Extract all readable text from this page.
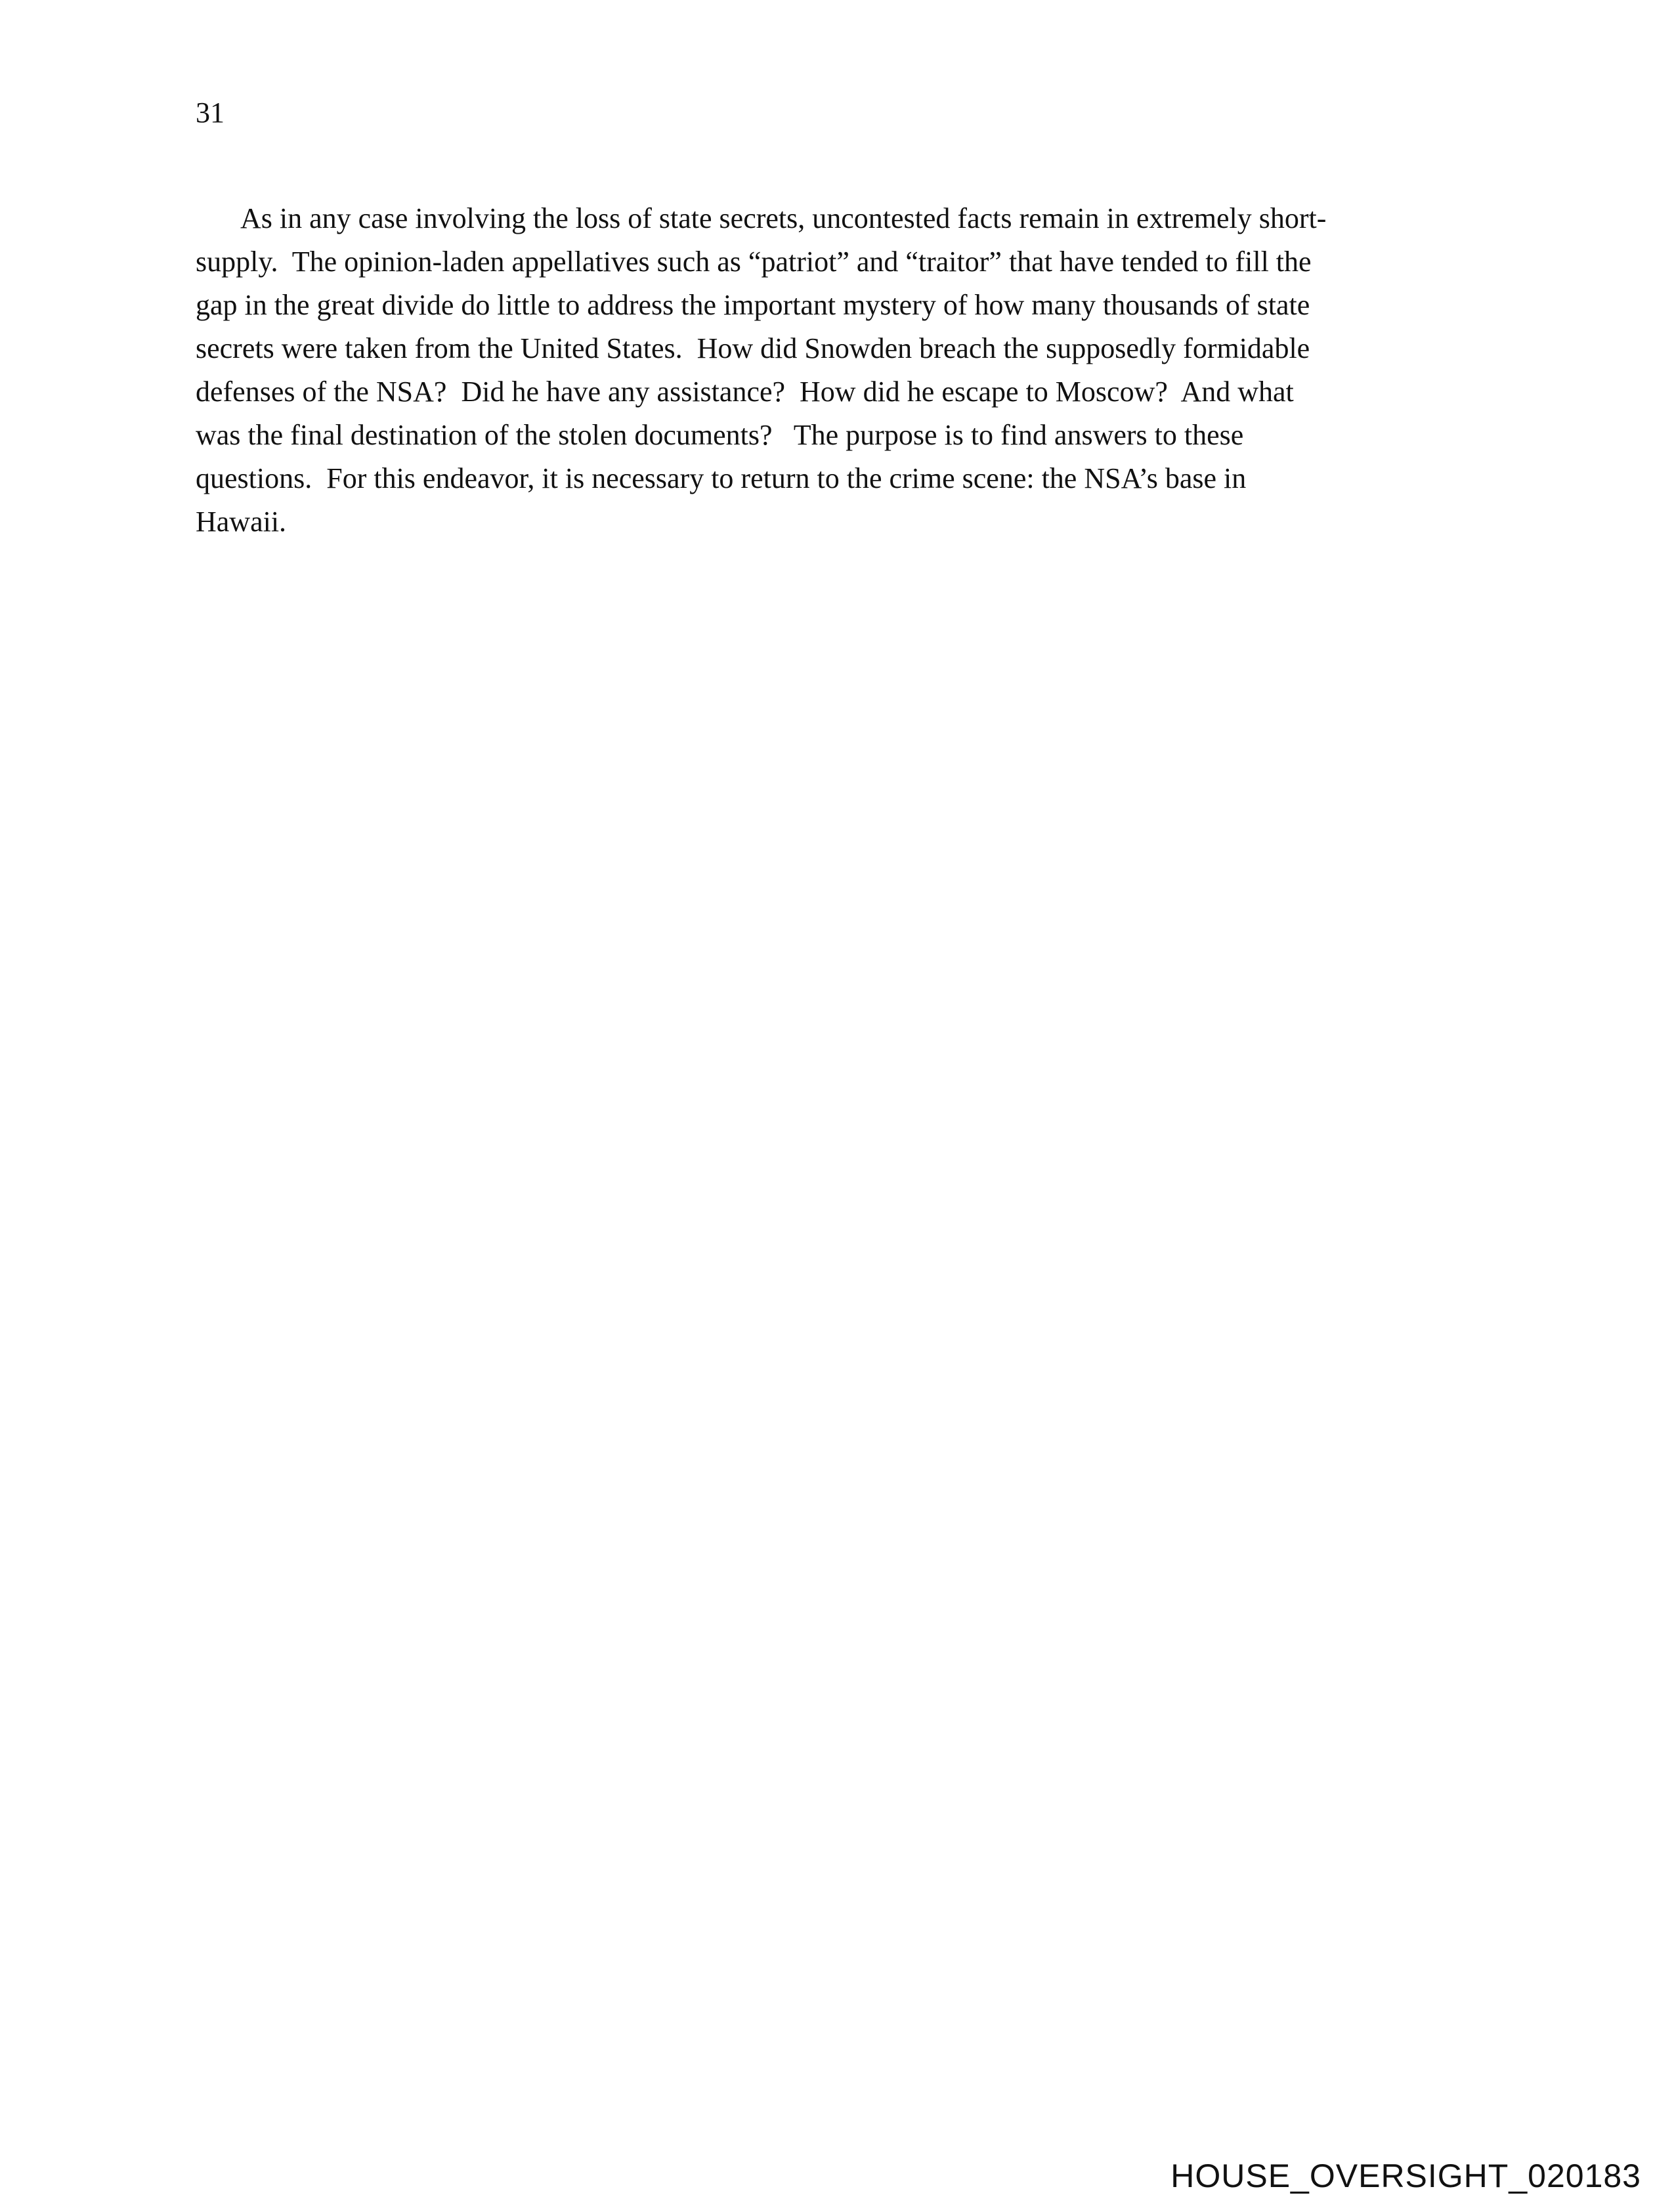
31
As in any case involving the loss of state secrets, uncontested facts remain in extremely short-
supply.  The opinion-laden appellatives such as “patriot” and “traitor” that have tended to fill the
gap in the great divide do little to address the important mystery of how many thousands of state
secrets were taken from the United States.  How did Snowden breach the supposedly formidable
defenses of the NSA?  Did he have any assistance?  How did he escape to Moscow?  And what
was the final destination of the stolen documents?   The purpose is to find answers to these
questions.  For this endeavor, it is necessary to return to the crime scene: the NSA’s base in
Hawaii.
HOUSE_OVERSIGHT_020183
